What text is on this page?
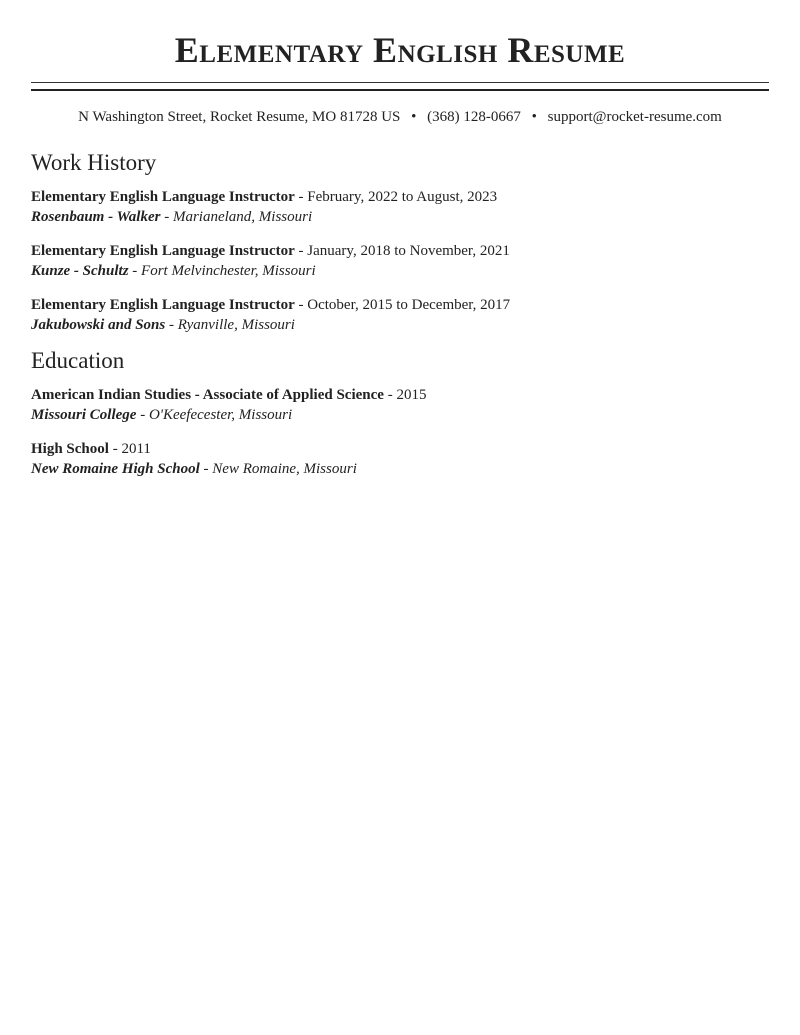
Elementary English Resume
N Washington Street, Rocket Resume, MO 81728 US • (368) 128-0667 • support@rocket-resume.com
Work History
Elementary English Language Instructor - February, 2022 to August, 2023
Rosenbaum - Walker - Marianeland, Missouri
Elementary English Language Instructor - January, 2018 to November, 2021
Kunze - Schultz - Fort Melvinchester, Missouri
Elementary English Language Instructor - October, 2015 to December, 2017
Jakubowski and Sons - Ryanville, Missouri
Education
American Indian Studies - Associate of Applied Science - 2015
Missouri College - O'Keefecester, Missouri
High School - 2011
New Romaine High School - New Romaine, Missouri
